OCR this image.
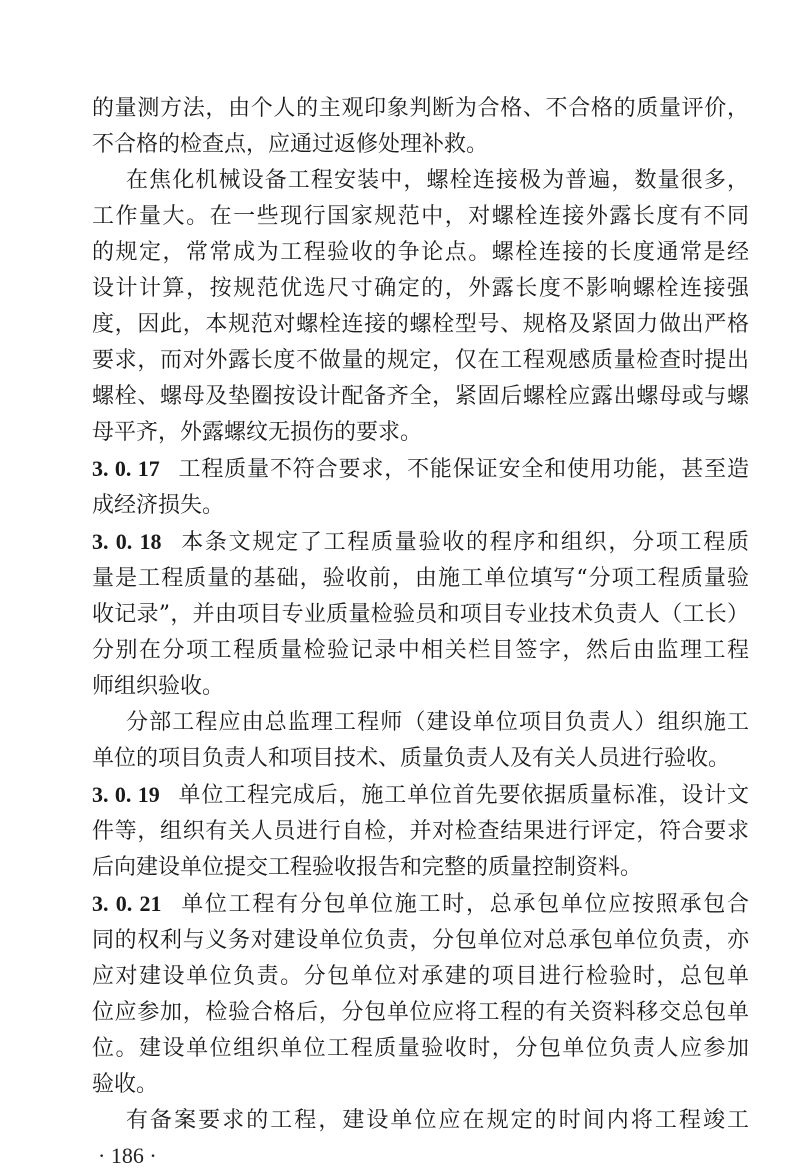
的量测方法，由个人的主观印象判断为合格、不合格的质量评价，
不合格的检查点，应通过返修处理补救。
在焦化机械设备工程安装中，螺栓连接极为普遍，数量很多，
工作量大。在一些现行国家规范中，对螺栓连接外露长度有不同
的规定，常常成为工程验收的争论点。螺栓连接的长度通常是经
设计计算，按规范优选尺寸确定的，外露长度不影响螺栓连接强
度，因此，本规范对螺栓连接的螺栓型号、规格及紧固力做出严格
要求，而对外露长度不做量的规定，仅在工程观感质量检查时提出
螺栓、螺母及垫圈按设计配备齐全，紧固后螺栓应露出螺母或与螺
母平齐，外露螺纹无损伤的要求。
3. 0. 17 工程质量不符合要求，不能保证安全和使用功能，甚至造
成经济损失。
3. 0. 18 本条文规定了工程质量验收的程序和组织，分项工程质
量是工程质量的基础，验收前，由施工单位填写“分项工程质量验
收记录”，并由项目专业质量检验员和项目专业技术负责人（工长）
分别在分项工程质量检验记录中相关栏目签字，然后由监理工程
师组织验收。
分部工程应由总监理工程师（建设单位项目负责人）组织施工
单位的项目负责人和项目技术、质量负责人及有关人员进行验收。
3. 0. 19 单位工程完成后，施工单位首先要依据质量标准，设计文
件等，组织有关人员进行自检，并对检查结果进行评定，符合要求
后向建设单位提交工程验收报告和完整的质量控制资料。
3. 0. 21 单位工程有分包单位施工时，总承包单位应按照承包合
同的权利与义务对建设单位负责，分包单位对总承包单位负责，亦
应对建设单位负责。分包单位对承建的项目进行检验时，总包单
位应参加，检验合格后，分包单位应将工程的有关资料移交总包单
位。建设单位组织单位工程质量验收时，分包单位负责人应参加
验收。
有备案要求的工程，建设单位应在规定的时间内将工程竣工
· 186 ·
